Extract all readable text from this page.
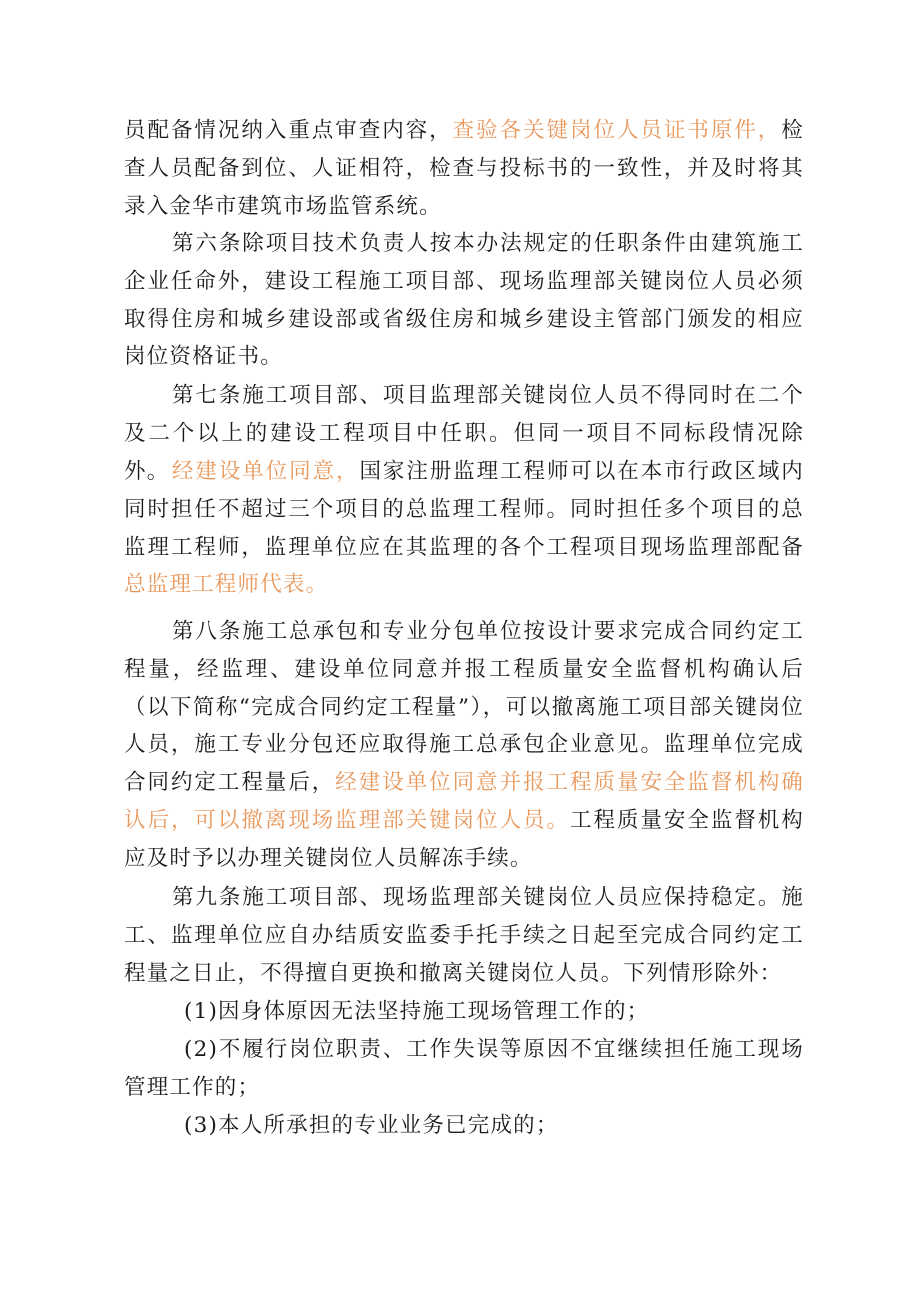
员配备情况纳入重点审查内容，查验各关键岗位人员证书原件，检查人员配备到位、人证相符，检查与投标书的一致性，并及时将其录入金华市建筑市场监管系统。

第六条除项目技术负责人按本办法规定的任职条件由建筑施工企业任命外，建设工程施工项目部、现场监理部关键岗位人员必须取得住房和城乡建设部或省级住房和城乡建设主管部门颁发的相应岗位资格证书。

第七条施工项目部、项目监理部关键岗位人员不得同时在二个及二个以上的建设工程项目中任职。但同一项目不同标段情况除外。 经建设单位同意，国家注册监理工程师可以在本市行政区域内同时担任不超过三个项目的总监理工程师。同时担任多个项目的总监理工程师，监理单位应在其监理的各个工程项目现场监理部配备总监理工程师代表。

第八条施工总承包和专业分包单位按设计要求完成合同约定工程量，经监理、建设单位同意并报工程质量安全监督机构确认后（以下简称“完成合同约定工程量”），可以撤离施工项目部关键岗位人员，施工专业分包还应取得施工总承包企业意见。监理单位完成合同约定工程量后，经建设单位同意并报工程质量安全监督机构确认后，可以撤离现场监理部关键岗位人员。工程质量安全监督机构应及时予以办理关键岗位人员解冻手续。

第九条施工项目部、现场监理部关键岗位人员应保持稳定。施工、监理单位应自办结质安监委手托手续之日起至完成合同约定工程量之日止，不得擅自更换和撤离关键岗位人员。下列情形除外：

(1)因身体原因无法坚持施工现场管理工作的；

(2)不履行岗位职责、工作失误等原因不宜继续担任施工现场管理工作的；

(3)本人所承担的专业业务已完成的；
